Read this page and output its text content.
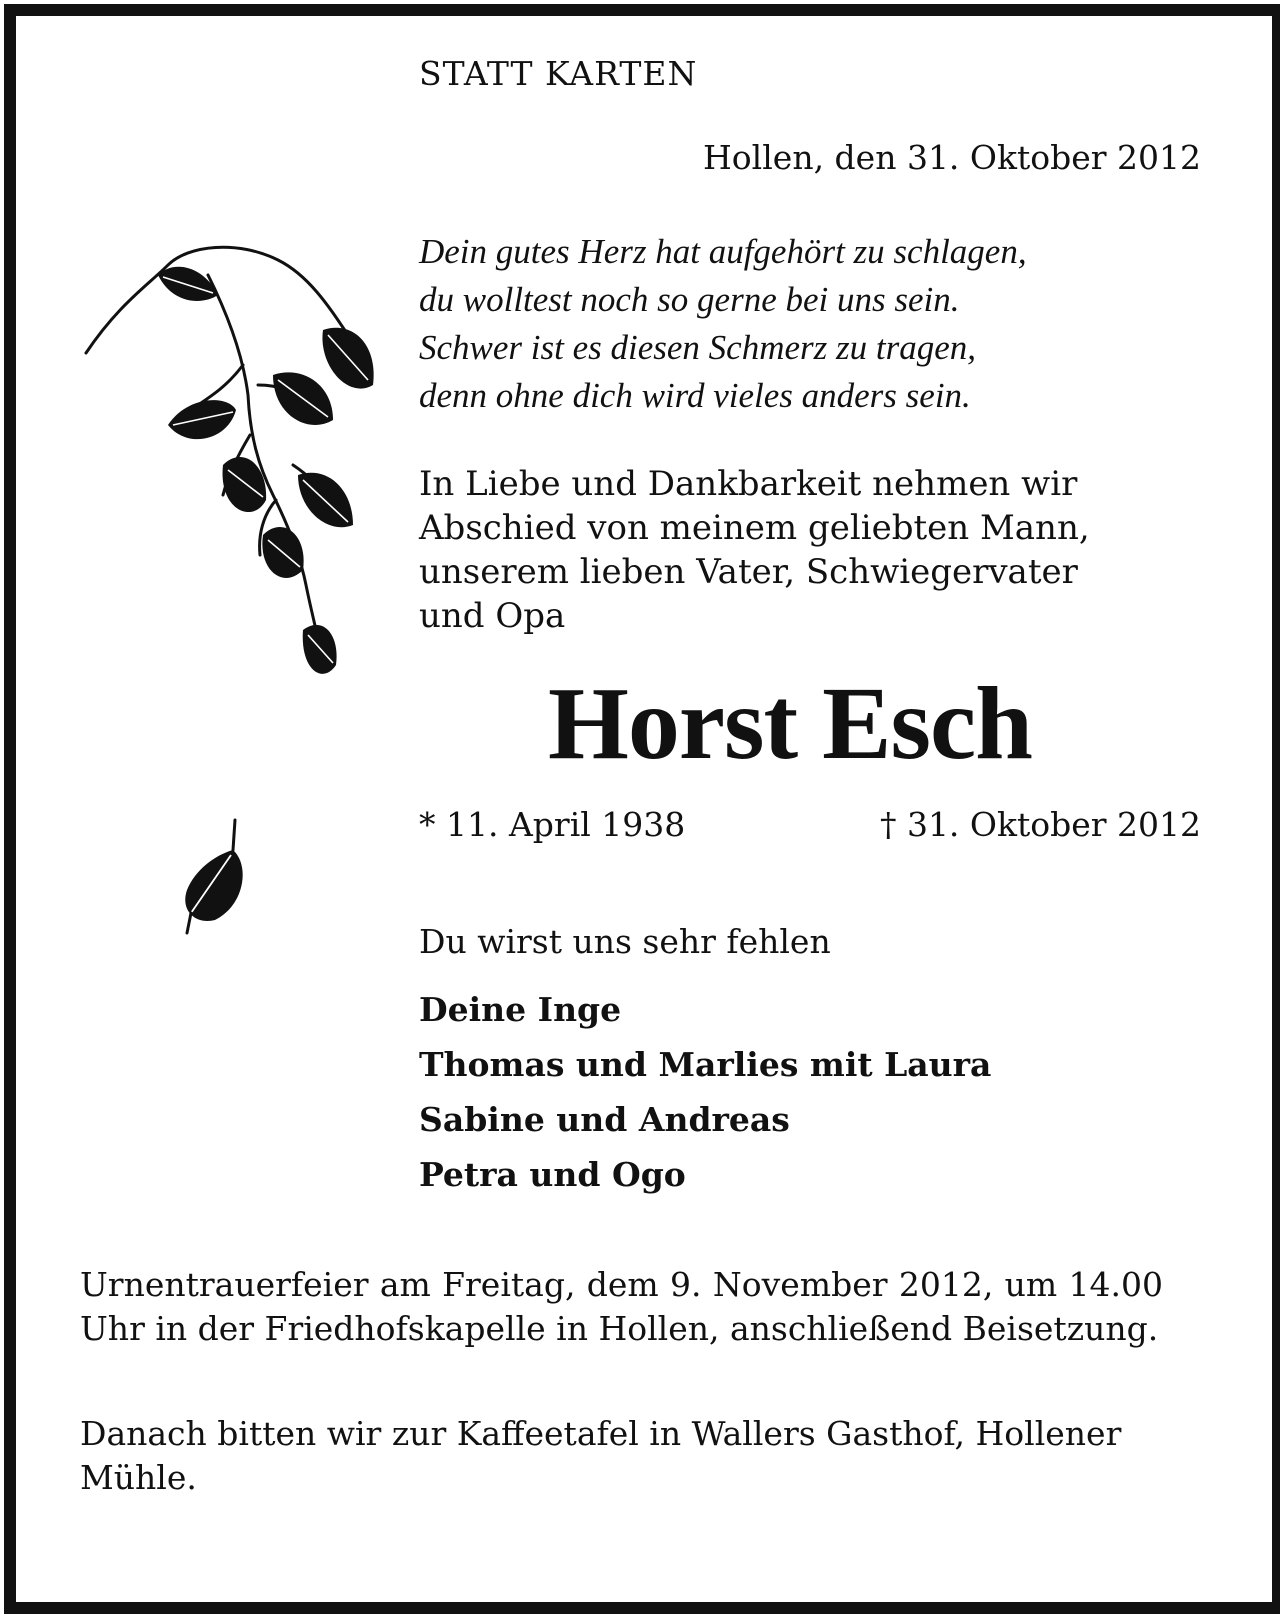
STATT KARTEN

Hollen, den 31. Oktober 2012

Dein gutes Herz hat aufgehört zu schlagen,
du wolltest noch so gerne bei uns sein.
Schwer ist es diesen Schmerz zu tragen,
denn ohne dich wird vieles anders sein.
In Liebe und Dankbarkeit nehmen wir
Abschied von meinem geliebten Mann,
unserem lieben Vater, Schwiegervater
und Opa

Horst Esch

* 11. April 1938	† 31. Oktober 2012

Du wirst uns sehr fehlen

Deine Inge
Thomas und Marlies mit Laura
Sabine und Andreas
Petra und Ogo

Urnentrauerfeier am Freitag, dem 9. November 2012, um 14.00 Uhr in der Friedhofskapelle in Hollen, anschließend Beisetzung.

Danach bitten wir zur Kaffeetafel in Wallers Gasthof, Hollener Mühle.
